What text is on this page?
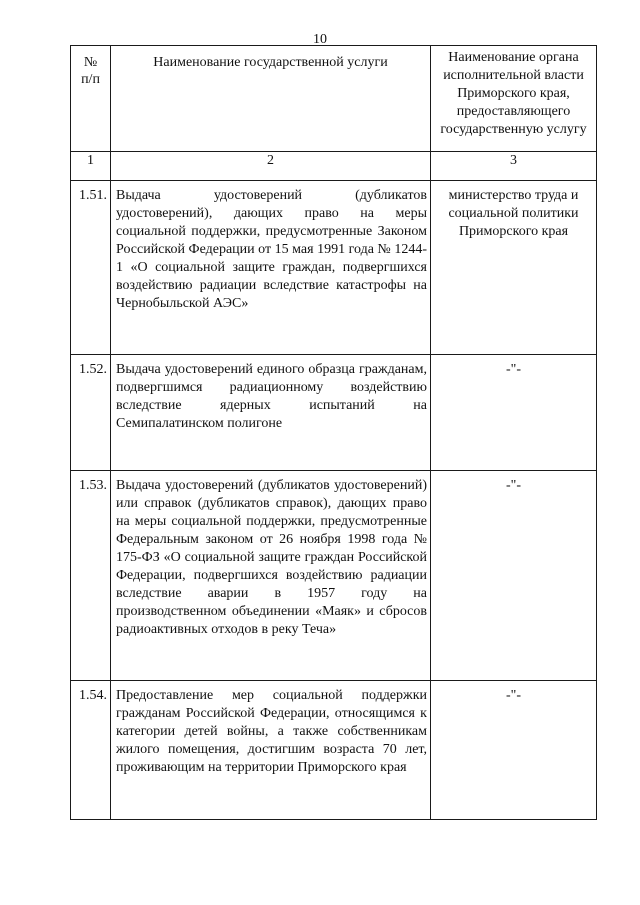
10
№
п/п	Наименование государственной услуги	Наименование органа исполнительной власти Приморского края, предоставляющего государственную услугу
1	2	3
1.51.	Выдача удостоверений (дубликатов удостоверений), дающих право на меры социальной поддержки, предусмотренные Законом Российской Федерации от 15 мая 1991 года № 1244-1 «О социальной защите граждан, подвергшихся воздействию радиации вследствие катастрофы на Чернобыльской АЭС»	министерство труда и социальной политики Приморского края
1.52.	Выдача удостоверений единого образца гражданам, подвергшимся радиационному воздействию вследствие ядерных испытаний на Семипалатинском полигоне	-"-
1.53.	Выдача удостоверений (дубликатов удостоверений) или справок (дубликатов справок), дающих право на меры социальной поддержки, предусмотренные Федеральным законом от 26 ноября 1998 года № 175-ФЗ «О социальной защите граждан Российской Федерации, подвергшихся воздействию радиации вследствие аварии в 1957 году на производственном объединении «Маяк» и сбросов радиоактивных отходов в реку Теча»	-"-
1.54.	Предоставление мер социальной поддержки гражданам Российской Федерации, относящимся к категории детей войны, а также собственникам жилого помещения, достигшим возраста 70 лет, проживающим на территории Приморского края	-"-
